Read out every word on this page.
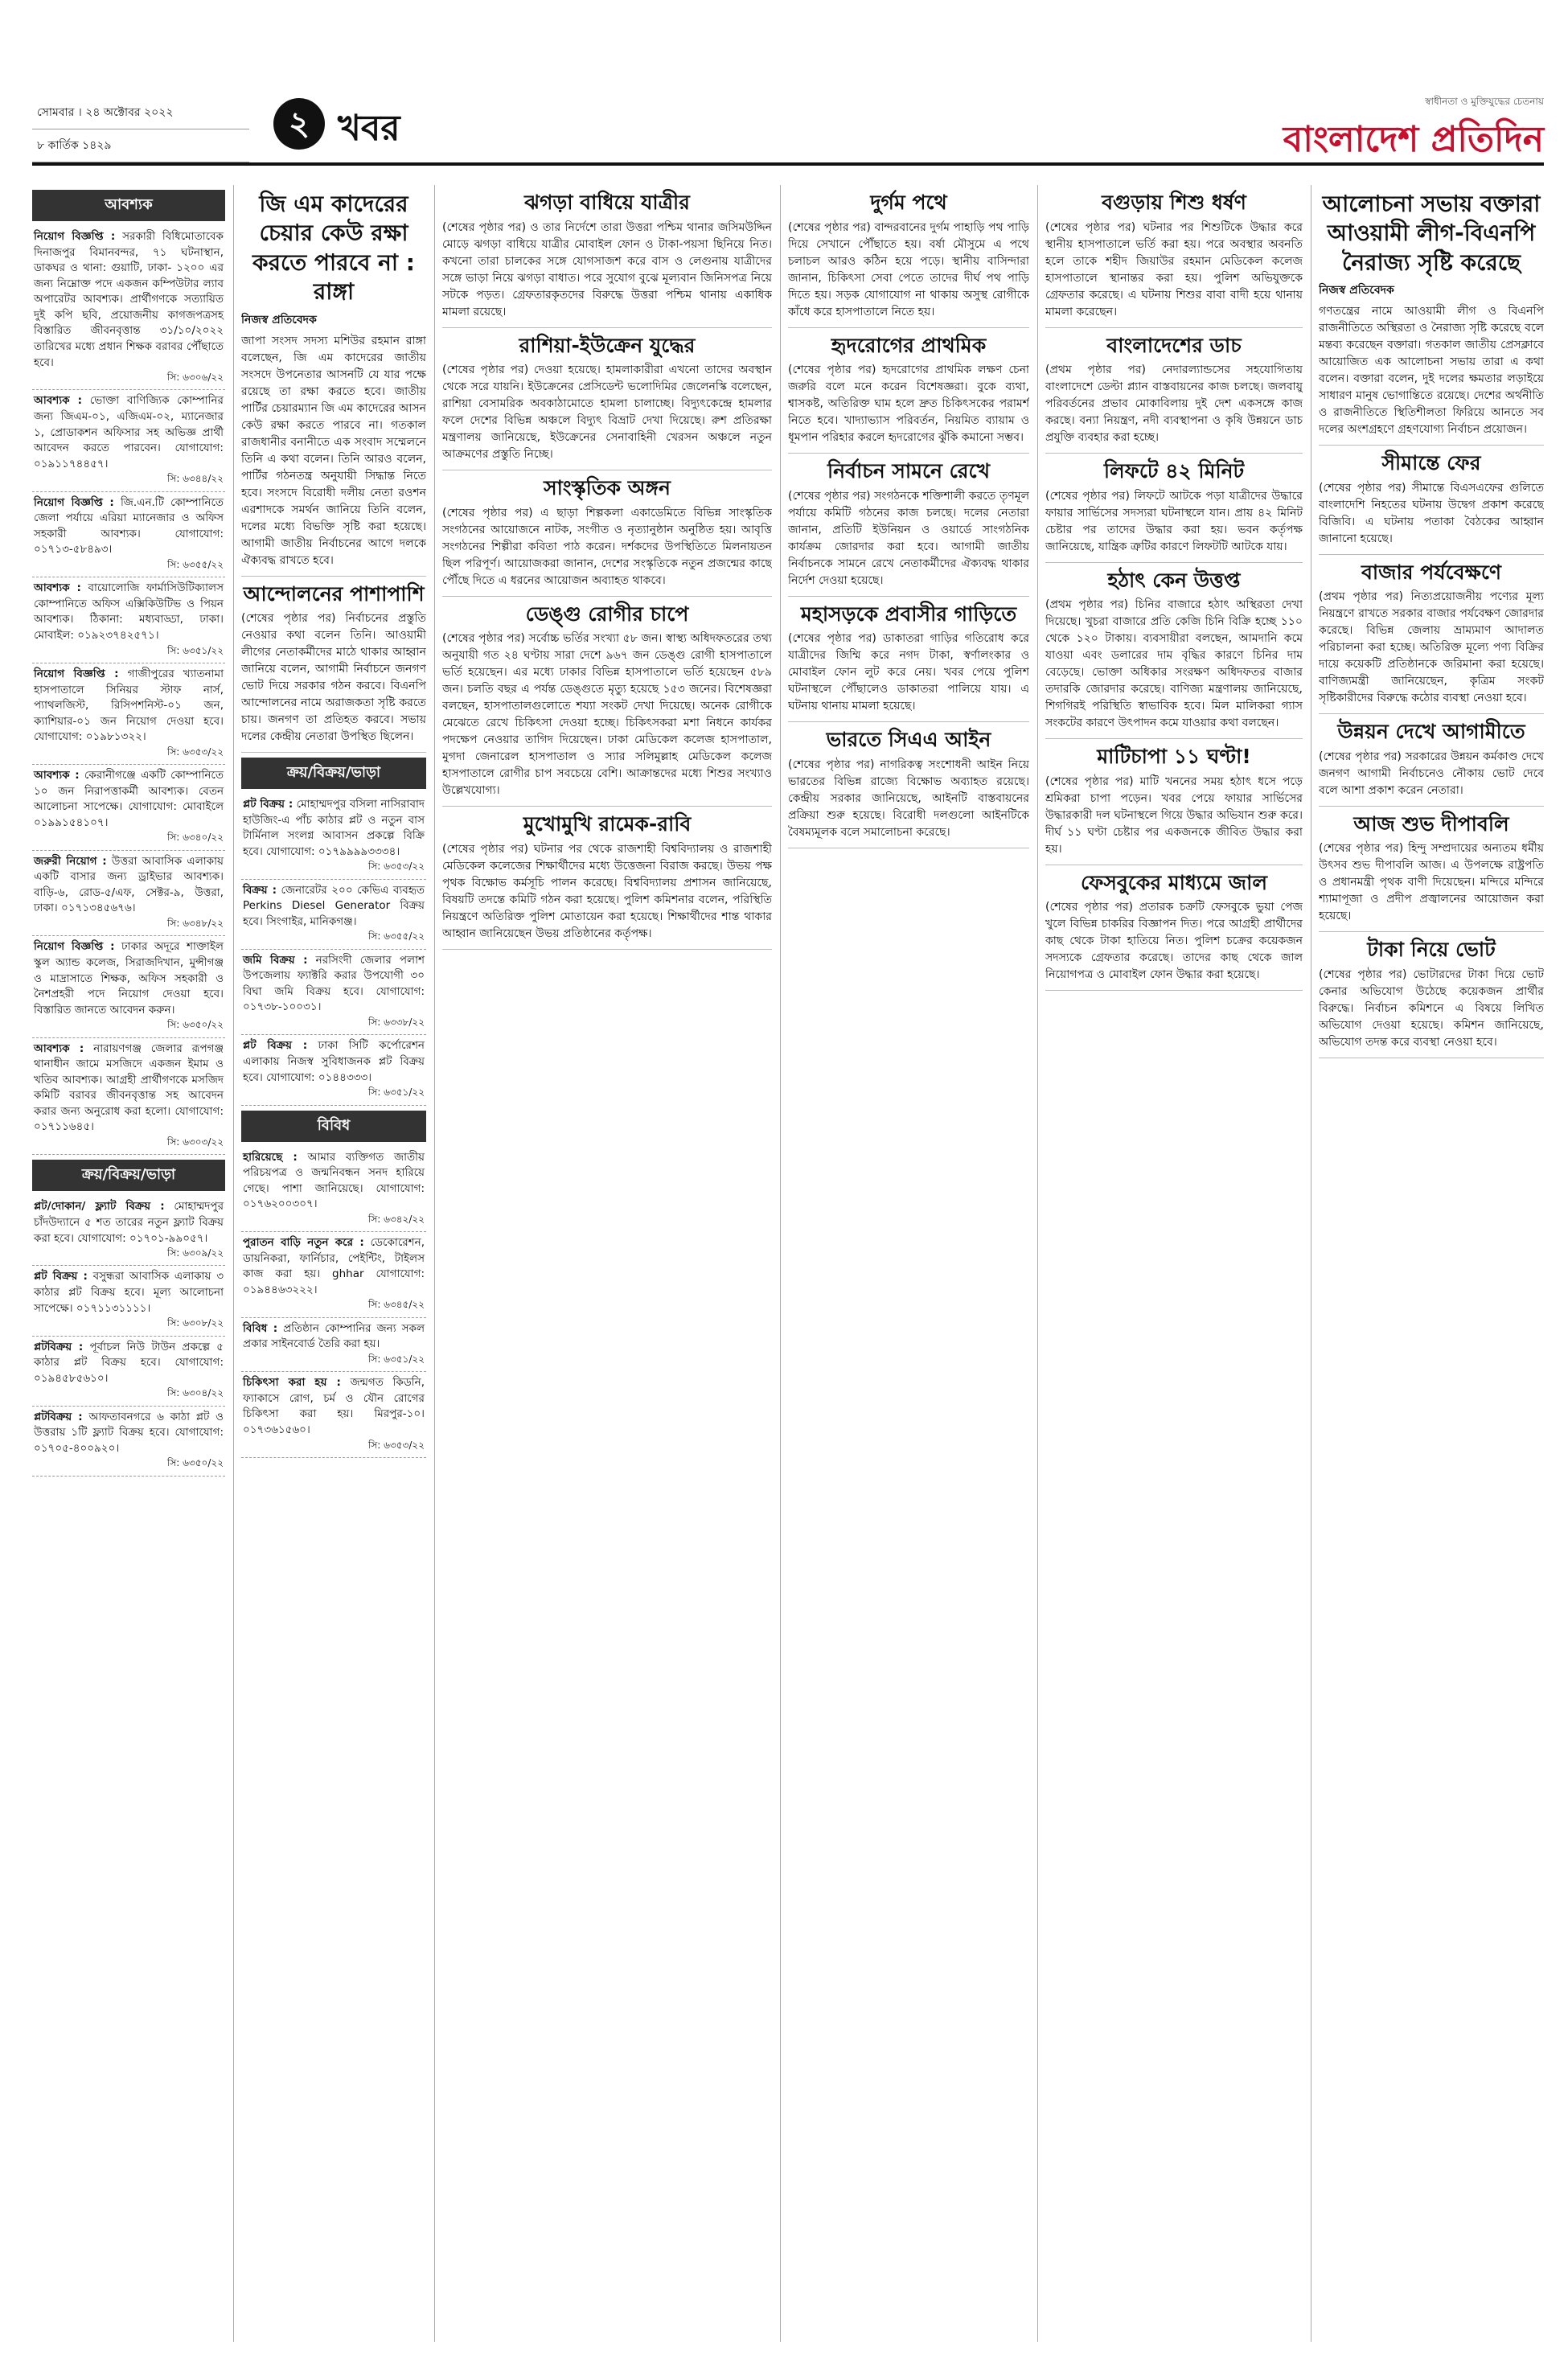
সোমবার । ২৪ অক্টোবর ২০২২
৮ কার্তিক ১৪২৯
২ খবর
স্বাধীনতা ও মুক্তিযুদ্ধের চেতনায়
বাংলাদেশ প্রতিদিন
আবশ্যক
নিয়োগ বিজ্ঞপ্তি : সরকারী বিধিমোতাবেক দিনাজপুর বিমানবন্দর, ৭১ ঘটনাস্থান, ডাকঘর ও থানা: গুয়াটি, ঢাকা- ১২০০ এর জন্য নিম্নোক্ত পদে একজন কম্পিউটার ল্যাব অপারেটর আবশ্যক। প্রার্থীগণকে সত্যায়িত দুই কপি ছবি, প্রয়োজনীয় কাগজপত্রসহ বিস্তারিত জীবনবৃত্তান্ত ৩১/১০/২০২২ তারিখের মধ্যে প্রধান শিক্ষক বরাবর পৌঁছাতে হবে।
সি: ৬৩০৬/২২
আবশ্যক : ভোক্তা বাণিজ্যিক কোম্পানির জন্য জিএম-০১, এজিএম-০২, ম্যানেজার ১, প্রোডাকশন অফিসার সহ অভিজ্ঞ প্রার্থী আবেদন করতে পারবেন। যোগাযোগ: ০১৯১১৭৪৪৫৭।
সি: ৬৩৪৪/২২
নিয়োগ বিজ্ঞপ্তি : জি.এন.টি কোম্পানিতে জেলা পর্যায়ে এরিয়া ম্যানেজার ও অফিস সহকারী আবশ্যক। যোগাযোগ: ০১৭১৩-৫৮৪৯৩।
সি: ৬৩৫৫/২২
আবশ্যক : বায়োলোজি ফার্মাসিউটিক্যালস কোম্পানিতে অফিস এক্সিকিউটিভ ও পিয়ন আবশ্যক। ঠিকানা: মধ্যবাড্ডা, ঢাকা। মোবাইল: ০১৯২৩৭৪২৫৭১।
সি: ৬৩৫১/২২
নিয়োগ বিজ্ঞপ্তি : গাজীপুরের খ্যাতনামা হাসপাতালে সিনিয়র স্টাফ নার্স, প্যাথলজিস্ট, রিসিপশনিস্ট-০১ জন, ক্যাশিয়ার-০১ জন নিয়োগ দেওয়া হবে। যোগাযোগ: ০১৯৮১৩২২।
সি: ৬৩৫৩/২২
আবশ্যক : কেরানীগঞ্জে একটি কোম্পানিতে ১০ জন নিরাপত্তাকর্মী আবশ্যক। বেতন আলোচনা সাপেক্ষে। যোগাযোগ: মোবাইলে ০১৯৯১৫৪১০৭।
সি: ৬৩৪০/২২
জরুরী নিয়োগ : উত্তরা আবাসিক এলাকায় একটি বাসার জন্য ড্রাইভার আবশ্যক। বাড়ি-৬, রোড-৫/এফ, সেক্টর-৯, উত্তরা, ঢাকা। ০১৭১৩৪৫৬৭৬।
সি: ৬৩৪৮/২২
নিয়োগ বিজ্ঞপ্তি : ঢাকার অদূরে শাক্তাইল স্কুল অ্যান্ড কলেজ, সিরাজদিখান, মুন্সীগঞ্জ ও মাদ্রাসাতে শিক্ষক, অফিস সহকারী ও নৈশপ্রহরী পদে নিয়োগ দেওয়া হবে। বিস্তারিত জানতে আবেদন করুন।
সি: ৬৩৫০/২২
আবশ্যক : নারায়ণগঞ্জ জেলার রূপগঞ্জ থানাধীন জামে মসজিদে একজন ইমাম ও খতিব আবশ্যক। আগ্রহী প্রার্থীগণকে মসজিদ কমিটি বরাবর জীবনবৃত্তান্ত সহ আবেদন করার জন্য অনুরোধ করা হলো। যোগাযোগ: ০১৭১১৬৪৫।
সি: ৬৩০৩/২২
ক্রয়/বিক্রয়/ভাড়া
প্লট/দোকান/ ফ্ল্যাট বিক্রয় : মোহাম্মদপুর চাঁদউদ্যানে ৫ শত তারের নতুন ফ্ল্যাট বিক্রয় করা হবে। যোগাযোগ: ০১৭০১-৯৯০৫৭।
সি: ৬৩০৯/২২
প্লট বিক্রয় : বসুন্ধরা আবাসিক এলাকায় ৩ কাঠার প্লট বিক্রয় হবে। মূল্য আলোচনা সাপেক্ষে। ০১৭১১৩১১১১।
সি: ৬৩০৮/২২
প্লটবিক্রয় : পূর্বাচল নিউ টাউন প্রকল্পে ৫ কাঠার প্লট বিক্রয় হবে। যোগাযোগ: ০১৯৪৫৮৫৬১০।
সি: ৬৩০৪/২২
প্লটবিক্রয় : আফতাবনগরে ৬ কাঠা প্লট ও উত্তরায় ১টি ফ্ল্যাট বিক্রয় হবে। যোগাযোগ: ০১৭০৫-৪০০৯২০।
সি: ৬৩৫০/২২
জি এম কাদেরের চেয়ার কেউ রক্ষা করতে পারবে না : রাঙ্গা
নিজস্ব প্রতিবেদক
জাপা সংসদ সদস্য মশিউর রহমান রাঙ্গা বলেছেন, জি এম কাদেরের জাতীয় সংসদে উপনেতার আসনটি যে যার পক্ষে রয়েছে তা রক্ষা করতে হবে। জাতীয় পার্টির চেয়ারম্যান জি এম কাদেরের আসন কেউ রক্ষা করতে পারবে না। গতকাল রাজধানীর বনানীতে এক সংবাদ সম্মেলনে তিনি এ কথা বলেন। তিনি আরও বলেন, পার্টির গঠনতন্ত্র অনুযায়ী সিদ্ধান্ত নিতে হবে। সংসদে বিরোধী দলীয় নেতা রওশন এরশাদকে সমর্থন জানিয়ে তিনি বলেন, দলের মধ্যে বিভক্তি সৃষ্টি করা হয়েছে। আগামী জাতীয় নির্বাচনের আগে দলকে ঐক্যবদ্ধ রাখতে হবে।
আন্দোলনের পাশাপাশি
(শেষের পৃষ্ঠার পর) নির্বাচনের প্রস্তুতি নেওয়ার কথা বলেন তিনি। আওয়ামী লীগের নেতাকর্মীদের মাঠে থাকার আহ্বান জানিয়ে বলেন, আগামী নির্বাচনে জনগণ ভোট দিয়ে সরকার গঠন করবে। বিএনপি আন্দোলনের নামে অরাজকতা সৃষ্টি করতে চায়। জনগণ তা প্রতিহত করবে। সভায় দলের কেন্দ্রীয় নেতারা উপস্থিত ছিলেন।
ক্রয়/বিক্রয়/ভাড়া
প্লট বিক্রয় : মোহাম্মদপুর বসিলা নাসিরাবাদ হাউজিং-এ পাঁচ কাঠার প্লট ও নতুন বাস টার্মিনাল সংলগ্ন আবাসন প্রকল্পে বিক্রি হবে। যোগাযোগ: ০১৭৯৯৯৯৩৩৩৪।
সি: ৬৩৫৩/২২
বিক্রয় : জেনারেটর ২০০ কেভিএ ব্যবহৃত Perkins Diesel Generator বিক্রয় হবে। সিংগাইর, মানিকগঞ্জ।
সি: ৬৩৫৫/২২
জমি বিক্রয় : নরসিংদী জেলার পলাশ উপজেলায় ফ্যাক্টরি করার উপযোগী ৩০ বিঘা জমি বিক্রয় হবে। যোগাযোগ: ০১৭৩৮-১০০৩১।
সি: ৬৩৩৮/২২
প্লট বিক্রয় : ঢাকা সিটি কর্পোরেশন এলাকায় নিজস্ব সুবিধাজনক প্লট বিক্রয় হবে। যোগাযোগ: ০১৪৪৩৩৩।
সি: ৬৩৫১/২২
বিবিধ
হারিয়েছে : আমার ব্যক্তিগত জাতীয় পরিচয়পত্র ও জন্মনিবন্ধন সনদ হারিয়ে গেছে। পাশা জানিয়েছে। যোগাযোগ: ০১৭৬২০০৩০৭।
সি: ৬৩৪২/২২
পুরাতন বাড়ি নতুন করে : ডেকোরেশন, ডায়নিকরা, ফার্নিচার, পেইন্টিং, টাইলস কাজ করা হয়। ghhar যোগাযোগ: ০১৯৪৪৬৩২২২।
সি: ৬৩৪৫/২২
বিবিধ : প্রতিষ্ঠান কোম্পানির জন্য সকল প্রকার সাইনবোর্ড তৈরি করা হয়।
সি: ৬৩৫১/২২
চিকিৎসা করা হয় : জন্মগত কিডনি, ফ্যাকাসে রোগ, চর্ম ও যৌন রোগের চিকিৎসা করা হয়। মিরপুর-১০। ০১৭৩৬১৫৬০।
সি: ৬৩৫৩/২২
ঝগড়া বাধিয়ে যাত্রীর
(শেষের পৃষ্ঠার পর) ও তার নির্দেশে তারা উত্তরা পশ্চিম থানার জসিমউদ্দিন মোড়ে ঝগড়া বাধিয়ে যাত্রীর মোবাইল ফোন ও টাকা-পয়সা ছিনিয়ে নিত। কখনো তারা চালকের সঙ্গে যোগসাজশ করে বাস ও লেগুনায় যাত্রীদের সঙ্গে ভাড়া নিয়ে ঝগড়া বাধাত। পরে সুযোগ বুঝে মূল্যবান জিনিসপত্র নিয়ে সটকে পড়ত। গ্রেফতারকৃতদের বিরুদ্ধে উত্তরা পশ্চিম থানায় একাধিক মামলা রয়েছে।
রাশিয়া-ইউক্রেন যুদ্ধের
(শেষের পৃষ্ঠার পর) দেওয়া হয়েছে। হামলাকারীরা এখনো তাদের অবস্থান থেকে সরে যায়নি। ইউক্রেনের প্রেসিডেন্ট ভলোদিমির জেলেনস্কি বলেছেন, রাশিয়া বেসামরিক অবকাঠামোতে হামলা চালাচ্ছে। বিদ্যুৎকেন্দ্রে হামলার ফলে দেশের বিভিন্ন অঞ্চলে বিদ্যুৎ বিভ্রাট দেখা দিয়েছে। রুশ প্রতিরক্ষা মন্ত্রণালয় জানিয়েছে, ইউক্রেনের সেনাবাহিনী খেরসন অঞ্চলে নতুন আক্রমণের প্রস্তুতি নিচ্ছে।
সাংস্কৃতিক অঙ্গন
(শেষের পৃষ্ঠার পর) এ ছাড়া শিল্পকলা একাডেমিতে বিভিন্ন সাংস্কৃতিক সংগঠনের আয়োজনে নাটক, সংগীত ও নৃত্যানুষ্ঠান অনুষ্ঠিত হয়। আবৃত্তি সংগঠনের শিল্পীরা কবিতা পাঠ করেন। দর্শকদের উপস্থিতিতে মিলনায়তন ছিল পরিপূর্ণ। আয়োজকরা জানান, দেশের সংস্কৃতিকে নতুন প্রজন্মের কাছে পৌঁছে দিতে এ ধরনের আয়োজন অব্যাহত থাকবে।
ডেঙ্গু রোগীর চাপে
(শেষের পৃষ্ঠার পর) সর্বোচ্চ ভর্তির সংখ্যা ৫৮ জন। স্বাস্থ্য অধিদফতরের তথ্য অনুযায়ী গত ২৪ ঘণ্টায় সারা দেশে ৯৬৭ জন ডেঙ্গু রোগী হাসপাতালে ভর্তি হয়েছেন। এর মধ্যে ঢাকার বিভিন্ন হাসপাতালে ভর্তি হয়েছেন ৫৮৯ জন। চলতি বছর এ পর্যন্ত ডেঙ্গুতে মৃত্যু হয়েছে ১৫৩ জনের। বিশেষজ্ঞরা বলছেন, হাসপাতালগুলোতে শয্যা সংকট দেখা দিয়েছে। অনেক রোগীকে মেঝেতে রেখে চিকিৎসা দেওয়া হচ্ছে। চিকিৎসকরা মশা নিধনে কার্যকর পদক্ষেপ নেওয়ার তাগিদ দিয়েছেন। ঢাকা মেডিকেল কলেজ হাসপাতাল, মুগদা জেনারেল হাসপাতাল ও স্যার সলিমুল্লাহ মেডিকেল কলেজ হাসপাতালে রোগীর চাপ সবচেয়ে বেশি। আক্রান্তদের মধ্যে শিশুর সংখ্যাও উল্লেখযোগ্য।
মুখোমুখি রামেক-রাবি
(শেষের পৃষ্ঠার পর) ঘটনার পর থেকে রাজশাহী বিশ্ববিদ্যালয় ও রাজশাহী মেডিকেল কলেজের শিক্ষার্থীদের মধ্যে উত্তেজনা বিরাজ করছে। উভয় পক্ষ পৃথক বিক্ষোভ কর্মসূচি পালন করেছে। বিশ্ববিদ্যালয় প্রশাসন জানিয়েছে, বিষয়টি তদন্তে কমিটি গঠন করা হয়েছে। পুলিশ কমিশনার বলেন, পরিস্থিতি নিয়ন্ত্রণে অতিরিক্ত পুলিশ মোতায়েন করা হয়েছে। শিক্ষার্থীদের শান্ত থাকার আহ্বান জানিয়েছেন উভয় প্রতিষ্ঠানের কর্তৃপক্ষ।
দুর্গম পথে
(শেষের পৃষ্ঠার পর) বান্দরবানের দুর্গম পাহাড়ি পথ পাড়ি দিয়ে সেখানে পৌঁছাতে হয়। বর্ষা মৌসুমে এ পথে চলাচল আরও কঠিন হয়ে পড়ে। স্থানীয় বাসিন্দারা জানান, চিকিৎসা সেবা পেতে তাদের দীর্ঘ পথ পাড়ি দিতে হয়। সড়ক যোগাযোগ না থাকায় অসুস্থ রোগীকে কাঁধে করে হাসপাতালে নিতে হয়।
হৃদরোগের প্রাথমিক
(শেষের পৃষ্ঠার পর) হৃদরোগের প্রাথমিক লক্ষণ চেনা জরুরি বলে মনে করেন বিশেষজ্ঞরা। বুকে ব্যথা, শ্বাসকষ্ট, অতিরিক্ত ঘাম হলে দ্রুত চিকিৎসকের পরামর্শ নিতে হবে। খাদ্যাভ্যাস পরিবর্তন, নিয়মিত ব্যায়াম ও ধূমপান পরিহার করলে হৃদরোগের ঝুঁকি কমানো সম্ভব।
নির্বাচন সামনে রেখে
(শেষের পৃষ্ঠার পর) সংগঠনকে শক্তিশালী করতে তৃণমূল পর্যায়ে কমিটি গঠনের কাজ চলছে। দলের নেতারা জানান, প্রতিটি ইউনিয়ন ও ওয়ার্ডে সাংগঠনিক কার্যক্রম জোরদার করা হবে। আগামী জাতীয় নির্বাচনকে সামনে রেখে নেতাকর্মীদের ঐক্যবদ্ধ থাকার নির্দেশ দেওয়া হয়েছে।
মহাসড়কে প্রবাসীর গাড়িতে
(শেষের পৃষ্ঠার পর) ডাকাতরা গাড়ির গতিরোধ করে যাত্রীদের জিম্মি করে নগদ টাকা, স্বর্ণালংকার ও মোবাইল ফোন লুট করে নেয়। খবর পেয়ে পুলিশ ঘটনাস্থলে পৌঁছালেও ডাকাতরা পালিয়ে যায়। এ ঘটনায় থানায় মামলা হয়েছে।
ভারতে সিএএ আইন
(শেষের পৃষ্ঠার পর) নাগরিকত্ব সংশোধনী আইন নিয়ে ভারতের বিভিন্ন রাজ্যে বিক্ষোভ অব্যাহত রয়েছে। কেন্দ্রীয় সরকার জানিয়েছে, আইনটি বাস্তবায়নের প্রক্রিয়া শুরু হয়েছে। বিরোধী দলগুলো আইনটিকে বৈষম্যমূলক বলে সমালোচনা করেছে।
বগুড়ায় শিশু ধর্ষণ
(শেষের পৃষ্ঠার পর) ঘটনার পর শিশুটিকে উদ্ধার করে স্থানীয় হাসপাতালে ভর্তি করা হয়। পরে অবস্থার অবনতি হলে তাকে শহীদ জিয়াউর রহমান মেডিকেল কলেজ হাসপাতালে স্থানান্তর করা হয়। পুলিশ অভিযুক্তকে গ্রেফতার করেছে। এ ঘটনায় শিশুর বাবা বাদী হয়ে থানায় মামলা করেছেন।
বাংলাদেশের ডাচ
(প্রথম পৃষ্ঠার পর) নেদারল্যান্ডসের সহযোগিতায় বাংলাদেশে ডেল্টা প্ল্যান বাস্তবায়নের কাজ চলছে। জলবায়ু পরিবর্তনের প্রভাব মোকাবিলায় দুই দেশ একসঙ্গে কাজ করছে। বন্যা নিয়ন্ত্রণ, নদী ব্যবস্থাপনা ও কৃষি উন্নয়নে ডাচ প্রযুক্তি ব্যবহার করা হচ্ছে।
লিফটে ৪২ মিনিট
(শেষের পৃষ্ঠার পর) লিফটে আটকে পড়া যাত্রীদের উদ্ধারে ফায়ার সার্ভিসের সদস্যরা ঘটনাস্থলে যান। প্রায় ৪২ মিনিট চেষ্টার পর তাদের উদ্ধার করা হয়। ভবন কর্তৃপক্ষ জানিয়েছে, যান্ত্রিক ত্রুটির কারণে লিফটটি আটকে যায়।
হঠাৎ কেন উত্তপ্ত
(প্রথম পৃষ্ঠার পর) চিনির বাজারে হঠাৎ অস্থিরতা দেখা দিয়েছে। খুচরা বাজারে প্রতি কেজি চিনি বিক্রি হচ্ছে ১১০ থেকে ১২০ টাকায়। ব্যবসায়ীরা বলছেন, আমদানি কমে যাওয়া এবং ডলারের দাম বৃদ্ধির কারণে চিনির দাম বেড়েছে। ভোক্তা অধিকার সংরক্ষণ অধিদফতর বাজার তদারকি জোরদার করেছে। বাণিজ্য মন্ত্রণালয় জানিয়েছে, শিগগিরই পরিস্থিতি স্বাভাবিক হবে। মিল মালিকরা গ্যাস সংকটের কারণে উৎপাদন কমে যাওয়ার কথা বলছেন।
মাটিচাপা ১১ ঘণ্টা!
(শেষের পৃষ্ঠার পর) মাটি খননের সময় হঠাৎ ধসে পড়ে শ্রমিকরা চাপা পড়েন। খবর পেয়ে ফায়ার সার্ভিসের উদ্ধারকারী দল ঘটনাস্থলে গিয়ে উদ্ধার অভিযান শুরু করে। দীর্ঘ ১১ ঘণ্টা চেষ্টার পর একজনকে জীবিত উদ্ধার করা হয়।
ফেসবুকের মাধ্যমে জাল
(শেষের পৃষ্ঠার পর) প্রতারক চক্রটি ফেসবুকে ভুয়া পেজ খুলে বিভিন্ন চাকরির বিজ্ঞাপন দিত। পরে আগ্রহী প্রার্থীদের কাছ থেকে টাকা হাতিয়ে নিত। পুলিশ চক্রের কয়েকজন সদস্যকে গ্রেফতার করেছে। তাদের কাছ থেকে জাল নিয়োগপত্র ও মোবাইল ফোন উদ্ধার করা হয়েছে।
আলোচনা সভায় বক্তারা আওয়ামী লীগ-বিএনপি নৈরাজ্য সৃষ্টি করেছে
নিজস্ব প্রতিবেদক
গণতন্ত্রের নামে আওয়ামী লীগ ও বিএনপি রাজনীতিতে অস্থিরতা ও নৈরাজ্য সৃষ্টি করেছে বলে মন্তব্য করেছেন বক্তারা। গতকাল জাতীয় প্রেসক্লাবে আয়োজিত এক আলোচনা সভায় তারা এ কথা বলেন। বক্তারা বলেন, দুই দলের ক্ষমতার লড়াইয়ে সাধারণ মানুষ ভোগান্তিতে রয়েছে। দেশের অর্থনীতি ও রাজনীতিতে স্থিতিশীলতা ফিরিয়ে আনতে সব দলের অংশগ্রহণে গ্রহণযোগ্য নির্বাচন প্রয়োজন।
সীমান্তে ফের
(শেষের পৃষ্ঠার পর) সীমান্তে বিএসএফের গুলিতে বাংলাদেশি নিহতের ঘটনায় উদ্বেগ প্রকাশ করেছে বিজিবি। এ ঘটনায় পতাকা বৈঠকের আহ্বান জানানো হয়েছে।
বাজার পর্যবেক্ষণে
(প্রথম পৃষ্ঠার পর) নিত্যপ্রয়োজনীয় পণ্যের মূল্য নিয়ন্ত্রণে রাখতে সরকার বাজার পর্যবেক্ষণ জোরদার করেছে। বিভিন্ন জেলায় ভ্রাম্যমাণ আদালত পরিচালনা করা হচ্ছে। অতিরিক্ত মূল্যে পণ্য বিক্রির দায়ে কয়েকটি প্রতিষ্ঠানকে জরিমানা করা হয়েছে। বাণিজ্যমন্ত্রী জানিয়েছেন, কৃত্রিম সংকট সৃষ্টিকারীদের বিরুদ্ধে কঠোর ব্যবস্থা নেওয়া হবে।
উন্নয়ন দেখে আগামীতে
(শেষের পৃষ্ঠার পর) সরকারের উন্নয়ন কর্মকাণ্ড দেখে জনগণ আগামী নির্বাচনেও নৌকায় ভোট দেবে বলে আশা প্রকাশ করেন নেতারা।
আজ শুভ দীপাবলি
(শেষের পৃষ্ঠার পর) হিন্দু সম্প্রদায়ের অন্যতম ধর্মীয় উৎসব শুভ দীপাবলি আজ। এ উপলক্ষে রাষ্ট্রপতি ও প্রধানমন্ত্রী পৃথক বাণী দিয়েছেন। মন্দিরে মন্দিরে শ্যামাপূজা ও প্রদীপ প্রজ্বালনের আয়োজন করা হয়েছে।
টাকা নিয়ে ভোট
(শেষের পৃষ্ঠার পর) ভোটারদের টাকা দিয়ে ভোট কেনার অভিযোগ উঠেছে কয়েকজন প্রার্থীর বিরুদ্ধে। নির্বাচন কমিশনে এ বিষয়ে লিখিত অভিযোগ দেওয়া হয়েছে। কমিশন জানিয়েছে, অভিযোগ তদন্ত করে ব্যবস্থা নেওয়া হবে।
